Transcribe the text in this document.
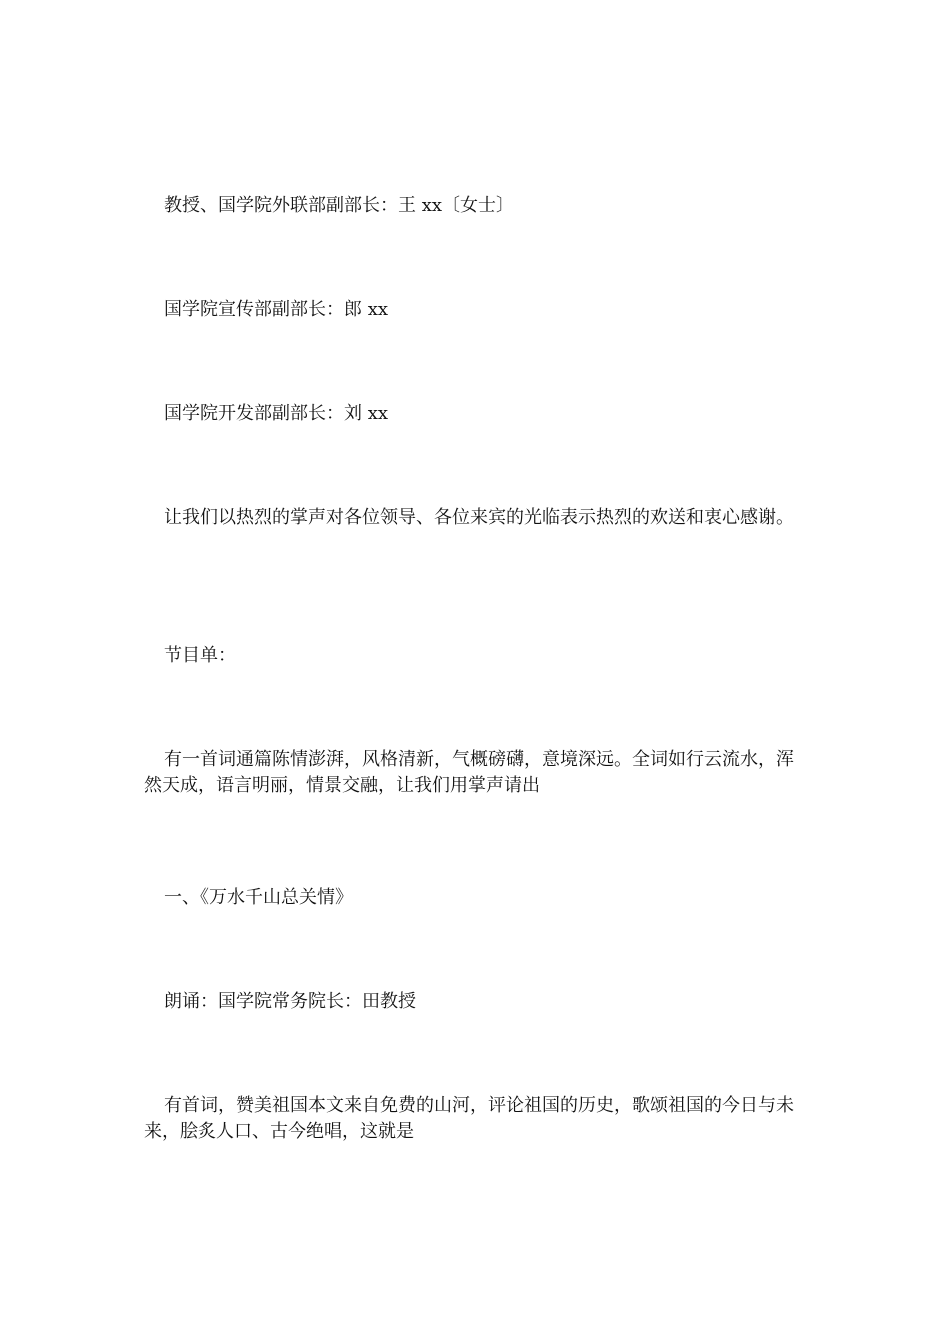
教授、国学院外联部副部长：王 xx〔女士〕

国学院宣传部副部长：郎 xx

国学院开发部副部长：刘 xx

让我们以热烈的掌声对各位领导、各位来宾的光临表示热烈的欢送和衷心感谢。

节目单：

有一首词通篇陈情澎湃，风格清新，气概磅礴，意境深远。全词如行云流水，浑然天成，语言明丽，情景交融，让我们用掌声请出

一、《万水千山总关情》

朗诵：国学院常务院长：田教授

有首词，赞美祖国本文来自免费的山河，评论祖国的历史，歌颂祖国的今日与未来，脍炙人口、古今绝唱，这就是
